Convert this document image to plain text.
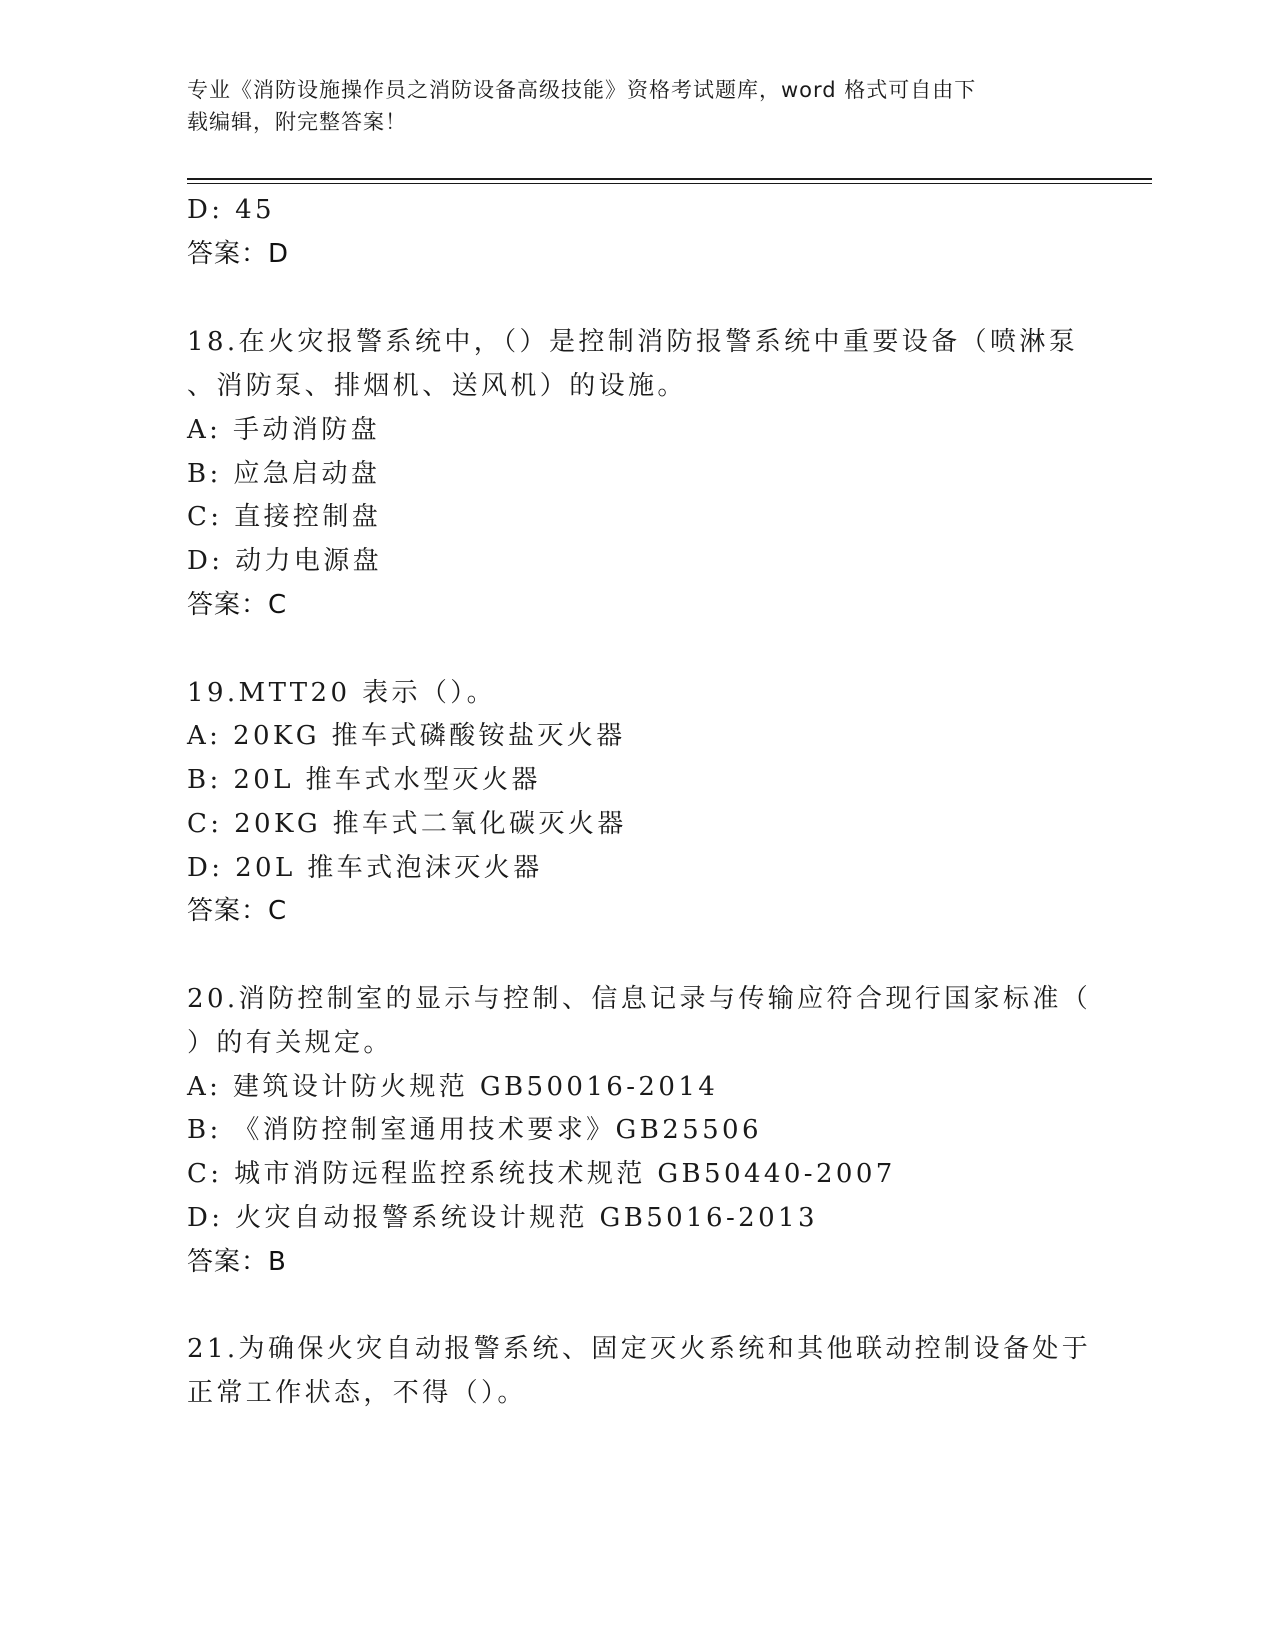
专业《消防设施操作员之消防设备高级技能》资格考试题库，word 格式可自由下
载编辑，附完整答案！
D: 45
答案：D
18.在火灾报警系统中，（）是控制消防报警系统中重要设备（喷淋泵
、消防泵、排烟机、送风机）的设施。
A: 手动消防盘
B: 应急启动盘
C: 直接控制盘
D: 动力电源盘
答案：C
19.MTT20 表示（）。
A: 20KG 推车式磷酸铵盐灭火器
B: 20L 推车式水型灭火器
C: 20KG 推车式二氧化碳灭火器
D: 20L 推车式泡沫灭火器
答案：C
20.消防控制室的显示与控制、信息记录与传输应符合现行国家标准（
）的有关规定。
A: 建筑设计防火规范 GB50016-2014
B: 《消防控制室通用技术要求》GB25506
C: 城市消防远程监控系统技术规范 GB50440-2007
D: 火灾自动报警系统设计规范 GB5016-2013
答案：B
21.为确保火灾自动报警系统、固定灭火系统和其他联动控制设备处于
正常工作状态，不得（）。
